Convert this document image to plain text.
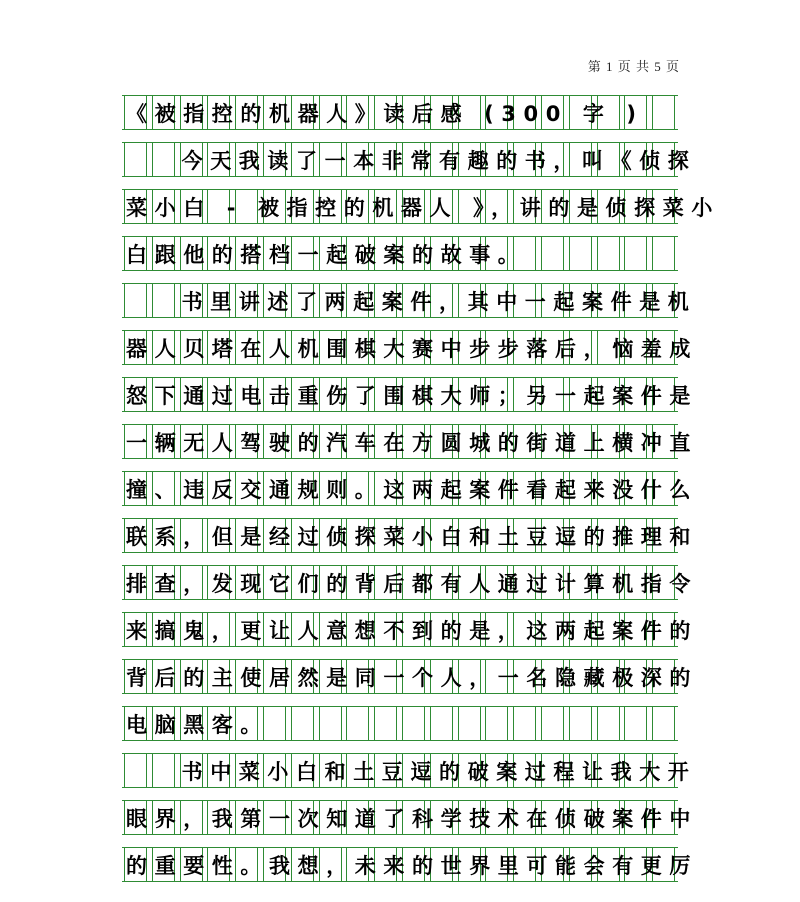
第 1 页 共 5 页
《被指控的机器人》读后感 (300 字 )
今天我读了一本非常有趣的书，叫《侦探
菜小白 - 被指控的机器人 》，讲的是侦探菜小
白跟他的搭档一起破案的故事。
书里讲述了两起案件，其中一起案件是机
器人贝塔在人机围棋大赛中步步落后，恼羞成
怒下通过电击重伤了围棋大师；另一起案件是
一辆无人驾驶的汽车在方圆城的街道上横冲直
撞、违反交通规则。这两起案件看起来没什么
联系，但是经过侦探菜小白和土豆逗的推理和
排查，发现它们的背后都有人通过计算机指令
来搞鬼，更让人意想不到的是，这两起案件的
背后的主使居然是同一个人，一名隐藏极深的
电脑黑客。
书中菜小白和土豆逗的破案过程让我大开
眼界，我第一次知道了科学技术在侦破案件中
的重要性。我想，未来的世界里可能会有更厉
